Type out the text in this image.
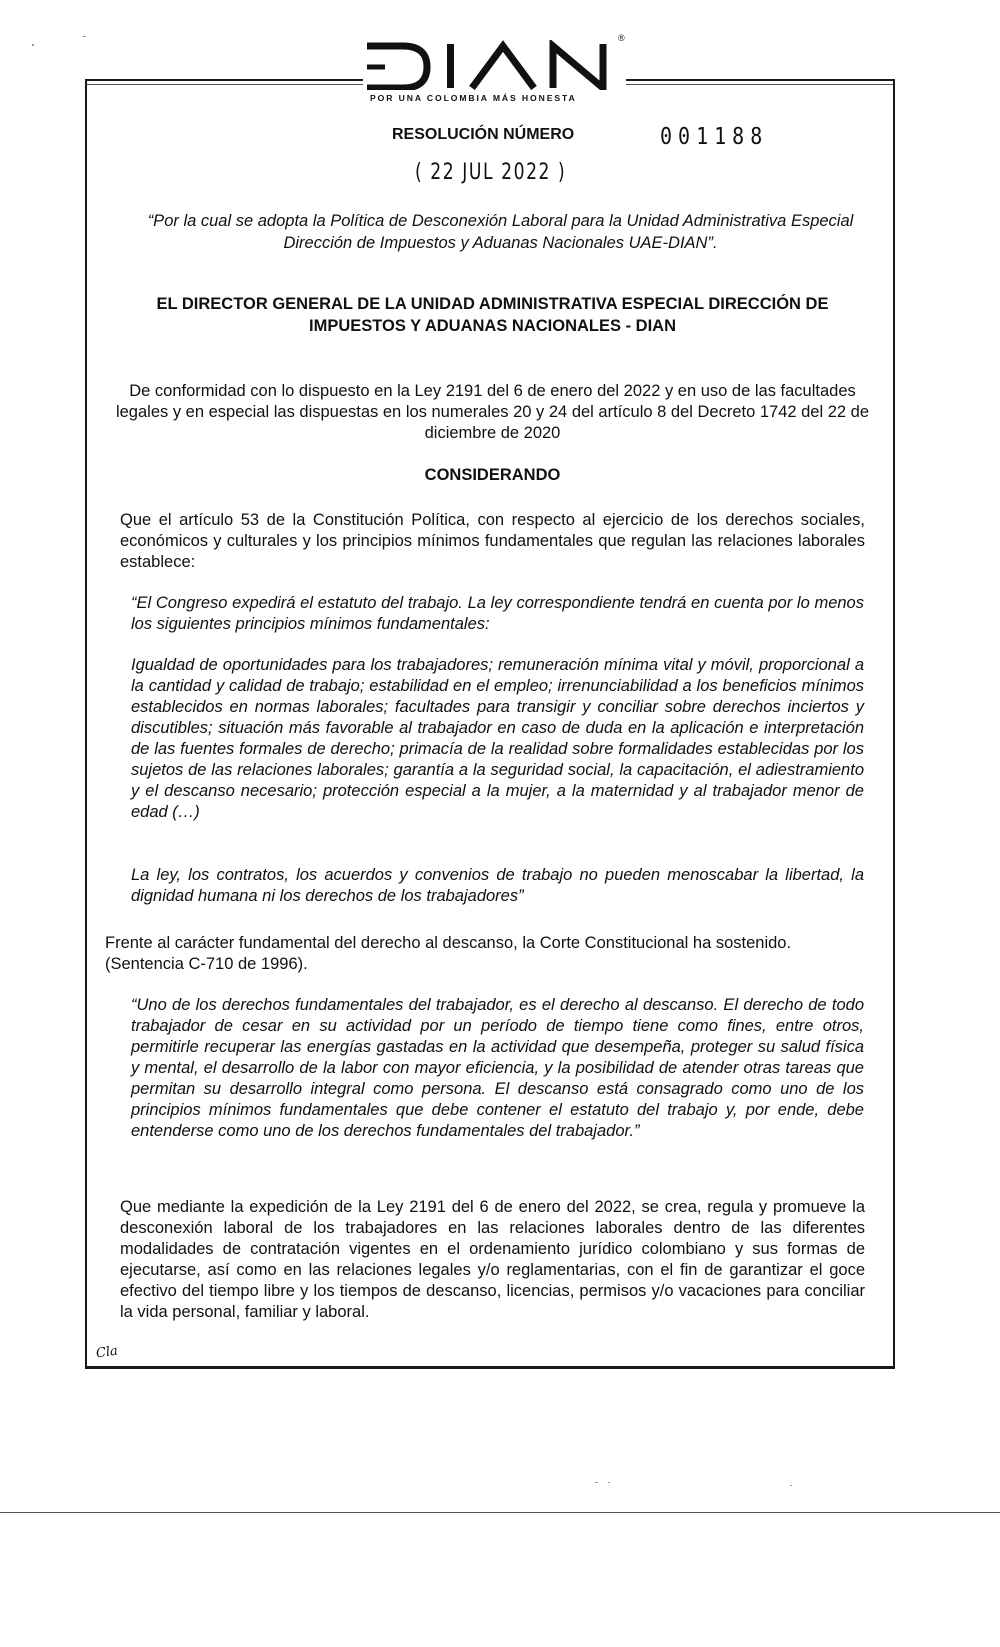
®
POR UNA COLOMBIA MÁS HONESTA
RESOLUCIÓN NÚMERO	001188
( 22 JUL 2022 )
“Por la cual se adopta la Política de Desconexión Laboral para la Unidad Administrativa Especial Dirección de Impuestos y Aduanas Nacionales UAE-DIAN”.
EL DIRECTOR GENERAL DE LA UNIDAD ADMINISTRATIVA ESPECIAL DIRECCIÓN DE IMPUESTOS Y ADUANAS NACIONALES - DIAN
De conformidad con lo dispuesto en la Ley 2191 del 6 de enero del 2022 y en uso de las facultades legales y en especial las dispuestas en los numerales 20 y 24 del artículo 8 del Decreto 1742 del 22 de diciembre de 2020
CONSIDERANDO

Que el artículo 53 de la Constitución Política, con respecto al ejercicio de los derechos sociales, económicos y culturales y los principios mínimos fundamentales que regulan las relaciones laborales establece:

“El Congreso expedirá el estatuto del trabajo. La ley correspondiente tendrá en cuenta por lo menos los siguientes principios mínimos fundamentales:

Igualdad de oportunidades para los trabajadores; remuneración mínima vital y móvil, proporcional a la cantidad y calidad de trabajo; estabilidad en el empleo; irrenunciabilidad a los beneficios mínimos establecidos en normas laborales; facultades para transigir y conciliar sobre derechos inciertos y discutibles; situación más favorable al trabajador en caso de duda en la aplicación e interpretación de las fuentes formales de derecho; primacía de la realidad sobre formalidades establecidas por los sujetos de las relaciones laborales; garantía a la seguridad social, la capacitación, el adiestramiento y el descanso necesario; protección especial a la mujer, a la maternidad y al trabajador menor de edad (…)

La ley, los contratos, los acuerdos y convenios de trabajo no pueden menoscabar la libertad, la dignidad humana ni los derechos de los trabajadores”

Frente al carácter fundamental del derecho al descanso, la Corte Constitucional ha sostenido. (Sentencia C-710 de 1996).

“Uno de los derechos fundamentales del trabajador, es el derecho al descanso. El derecho de todo trabajador de cesar en su actividad por un período de tiempo tiene como fines, entre otros, permitirle recuperar las energías gastadas en la actividad que desempeña, proteger su salud física y mental, el desarrollo de la labor con mayor eficiencia, y la posibilidad de atender otras tareas que permitan su desarrollo integral como persona. El descanso está consagrado como uno de los principios mínimos fundamentales que debe contener el estatuto del trabajo y, por ende, debe entenderse como uno de los derechos fundamentales del trabajador.”

Que mediante la expedición de la Ley 2191 del 6 de enero del 2022, se crea, regula y promueve la desconexión laboral de los trabajadores en las relaciones laborales dentro de las diferentes modalidades de contratación vigentes en el ordenamiento jurídico colombiano y sus formas de ejecutarse, así como en las relaciones legales y/o reglamentarias, con el fin de garantizar el goce efectivo del tiempo libre y los tiempos de descanso, licencias, permisos y/o vacaciones para conciliar la vida personal, familiar y laboral.

Cla
